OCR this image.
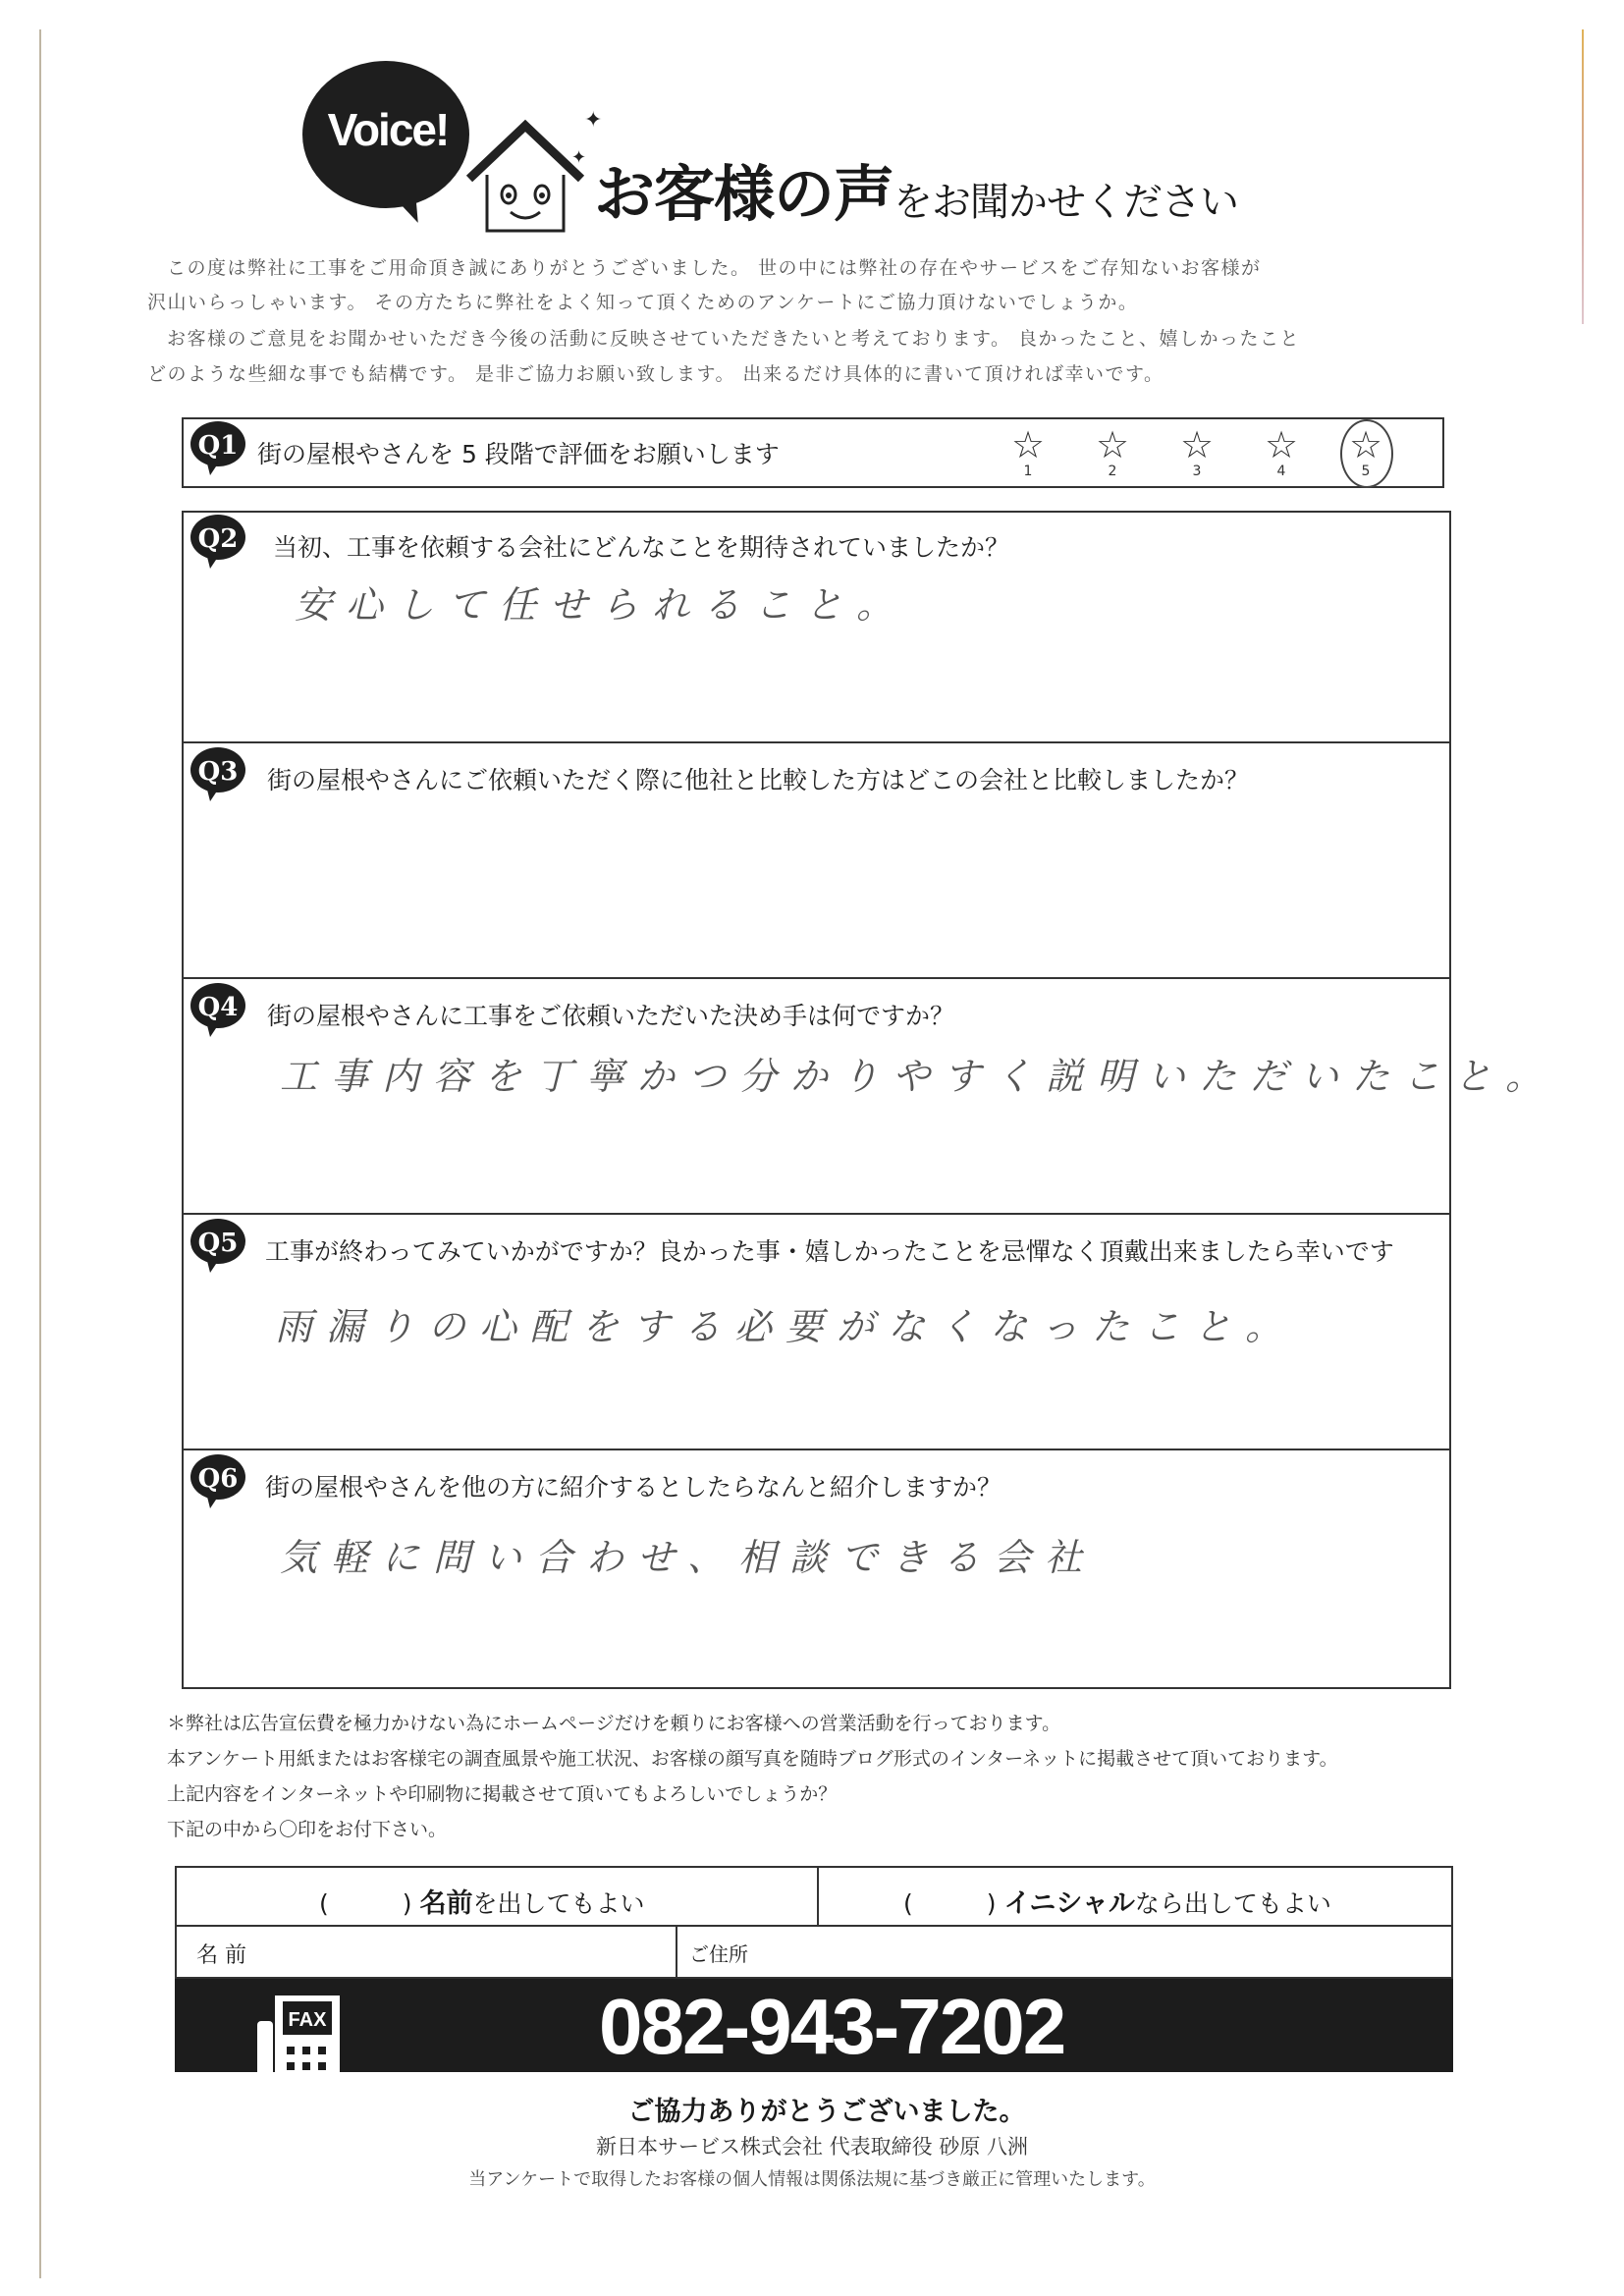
Voice!	✦
✦
お客様の声をお聞かせください
この度は弊社に工事をご用命頂き誠にありがとうございました。 世の中には弊社の存在やサービスをご存知ないお客様が
沢山いらっしゃいます。 その方たちに弊社をよく知って頂くためのアンケートにご協力頂けないでしょうか。
お客様のご意見をお聞かせいただき今後の活動に反映させていただきたいと考えております。 良かったこと、嬉しかったこと
どのような些細な事でも結構です。 是非ご協力お願い致します。 出来るだけ具体的に書いて頂ければ幸いです。
Q1 街の屋根やさんを 5 段階で評価をお願いします	☆
1
☆
2
☆
3
☆
4
☆
5
Q2 当初、工事を依頼する会社にどんなことを期待されていましたか？
安心して任せられること。
Q3 街の屋根やさんにご依頼いただく際に他社と比較した方はどこの会社と比較しましたか？
Q4 街の屋根やさんに工事をご依頼いただいた決め手は何ですか？
工事内容を丁寧かつ分かりやすく説明いただいたこと。
Q5 工事が終わってみていかがですか？良かった事・嬉しかったことを忌憚なく頂戴出来ましたら幸いです
雨漏りの心配をする必要がなくなったこと。
Q6 街の屋根やさんを他の方に紹介するとしたらなんと紹介しますか？
気軽に問い合わせ、相談できる会社
＊弊社は広告宣伝費を極力かけない為にホームページだけを頼りにお客様への営業活動を行っております。
本アンケート用紙またはお客様宅の調査風景や施工状況、お客様の顔写真を随時ブログ形式のインターネットに掲載させて頂いております。
上記内容をインターネットや印刷物に掲載させて頂いてもよろしいでしょうか？
下記の中から〇印をお付下さい。
(　　　) 名前を出してもよい	(　　　) イニシャルなら出してもよい
名 前	ご住所
FAX	082-943-7202
ご協力ありがとうございました。
新日本サービス株式会社 代表取締役 砂原 八洲
当アンケートで取得したお客様の個人情報は関係法規に基づき厳正に管理いたします。
